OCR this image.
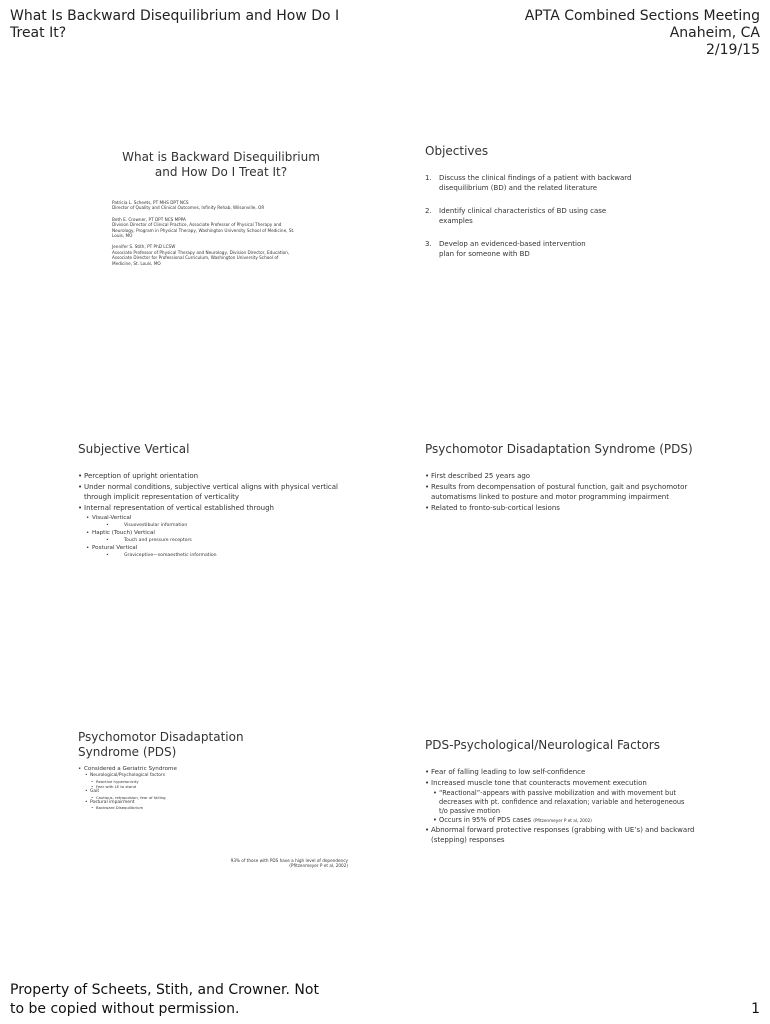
What Is Backward Disequilibrium and How Do I Treat It?
APTA Combined Sections Meeting
Anaheim, CA
2/19/15
What is Backward Disequilibrium and How Do I Treat It?
Patricia L. Scheets, PT MHS DPT NCS
Director of Quality and Clinical Outcomes, Infinity Rehab, Wilsonville, OR
Beth E. Crowner, PT DPT NCS MPPA
Division Director of Clinical Practice, Associate Professor of Physical Therapy and Neurology, Program in Physical Therapy, Washington University School of Medicine, St. Louis, MO
Jennifer S. Stith, PT PhD LCSW
Associate Professor of Physical Therapy and Neurology, Division Director, Education, Associate Director for Professional Curriculum, Washington University School of Medicine, St. Louis, MO
Objectives
1.	Discuss the clinical findings of a patient with backward disequilibrium (BD) and the related literature
2.	Identify clinical characteristics of BD using case examples
3.	Develop an evidenced-based intervention plan for someone with BD
Subjective Vertical
• Perception of upright orientation
• Under normal conditions, subjective vertical aligns with physical vertical through implicit representation of verticality
• Internal representation of vertical established through
• Visual-Vertical
• Visuovestibular information
• Haptic (Touch) Vertical
• Touch and pressure receptors
• Postural Vertical
• Graviceptive—somaesthetic information
Psychomotor Disadaptation Syndrome (PDS)
• First described 25 years ago
• Results from decompensation of postural function, gait and psychomotor automatisms linked to posture and motor programming impairment
• Related to fronto-sub-cortical lesions
Psychomotor Disadaptation Syndrome (PDS)
• Considered a Geriatric Syndrome
• Neurological/Psychological factors
• Reactive hypertonicity
• Fear with LE to stand
• Gait
• Cautious, retropulsion, fear of falling
• Postural impairment
• Backward Disequilibrium
93% of those with PDS have a high level of dependency
(Pfitzenmeyer P et al, 2002)
PDS-Psychological/Neurological Factors
• Fear of falling leading to low self-confidence
• Increased muscle tone that counteracts movement execution
• “Reactional”-appears with passive mobilization and with movement but decreases with pt. confidence and relaxation; variable and heterogeneous t/o passive motion
• Occurs in 95% of PDS cases (Pfitzenmeyer P et al, 2002)
• Abnormal forward protective responses (grabbing with UE’s) and backward (stepping) responses
Property of Scheets, Stith, and Crowner. Not to be copied without permission.	1
